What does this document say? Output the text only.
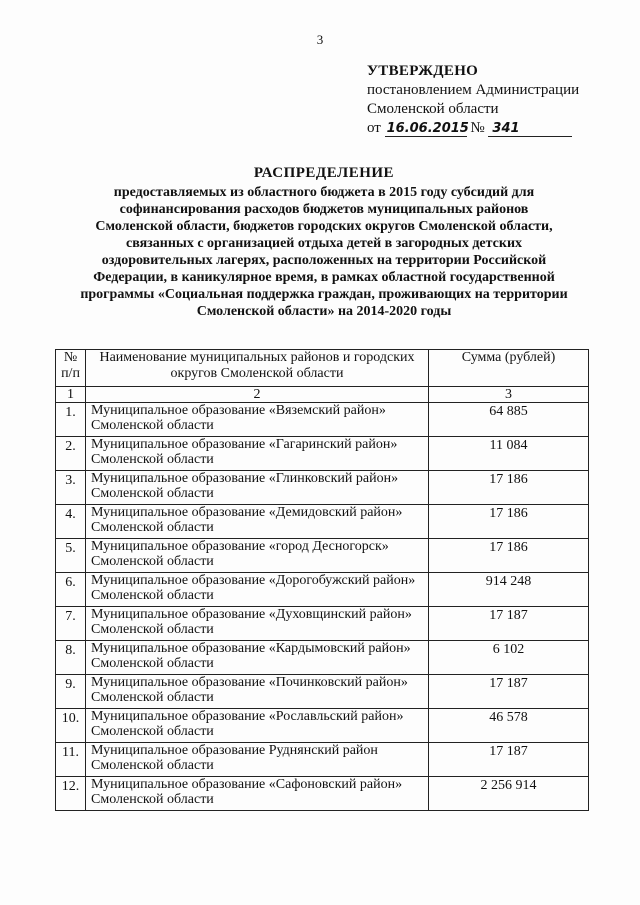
3
УТВЕРЖДЕНО
постановлением Администрации
Смоленской области
от 16.06.2015 № 341
РАСПРЕДЕЛЕНИЕ
предоставляемых из областного бюджета в 2015 году субсидий для
софинансирования расходов бюджетов муниципальных районов
Смоленской области, бюджетов городских округов Смоленской области,
связанных с организацией отдыха детей в загородных детских
оздоровительных лагерях, расположенных на территории Российской
Федерации, в каникулярное время, в рамках областной государственной
программы «Социальная поддержка граждан, проживающих на территории
Смоленской области» на 2014-2020 годы
№
п/п	Наименование муниципальных районов и городских округов Смоленской области	Сумма (рублей)
1	2	3
1.	Муниципальное образование «Вяземский район»
Смоленской области	64 885
2.	Муниципальное образование «Гагаринский район»
Смоленской области	11 084
3.	Муниципальное образование «Глинковский район»
Смоленской области	17 186
4.	Муниципальное образование «Демидовский район»
Смоленской области	17 186
5.	Муниципальное образование «город Десногорск»
Смоленской области	17 186
6.	Муниципальное образование «Дорогобужский район»
Смоленской области	914 248
7.	Муниципальное образование «Духовщинский район»
Смоленской области	17 187
8.	Муниципальное образование «Кардымовский район»
Смоленской области	6 102
9.	Муниципальное образование «Починковский район»
Смоленской области	17 187
10.	Муниципальное образование «Рославльский район»
Смоленской области	46 578
11.	Муниципальное образование Руднянский район
Смоленской области	17 187
12.	Муниципальное образование «Сафоновский район»
Смоленской области	2 256 914
